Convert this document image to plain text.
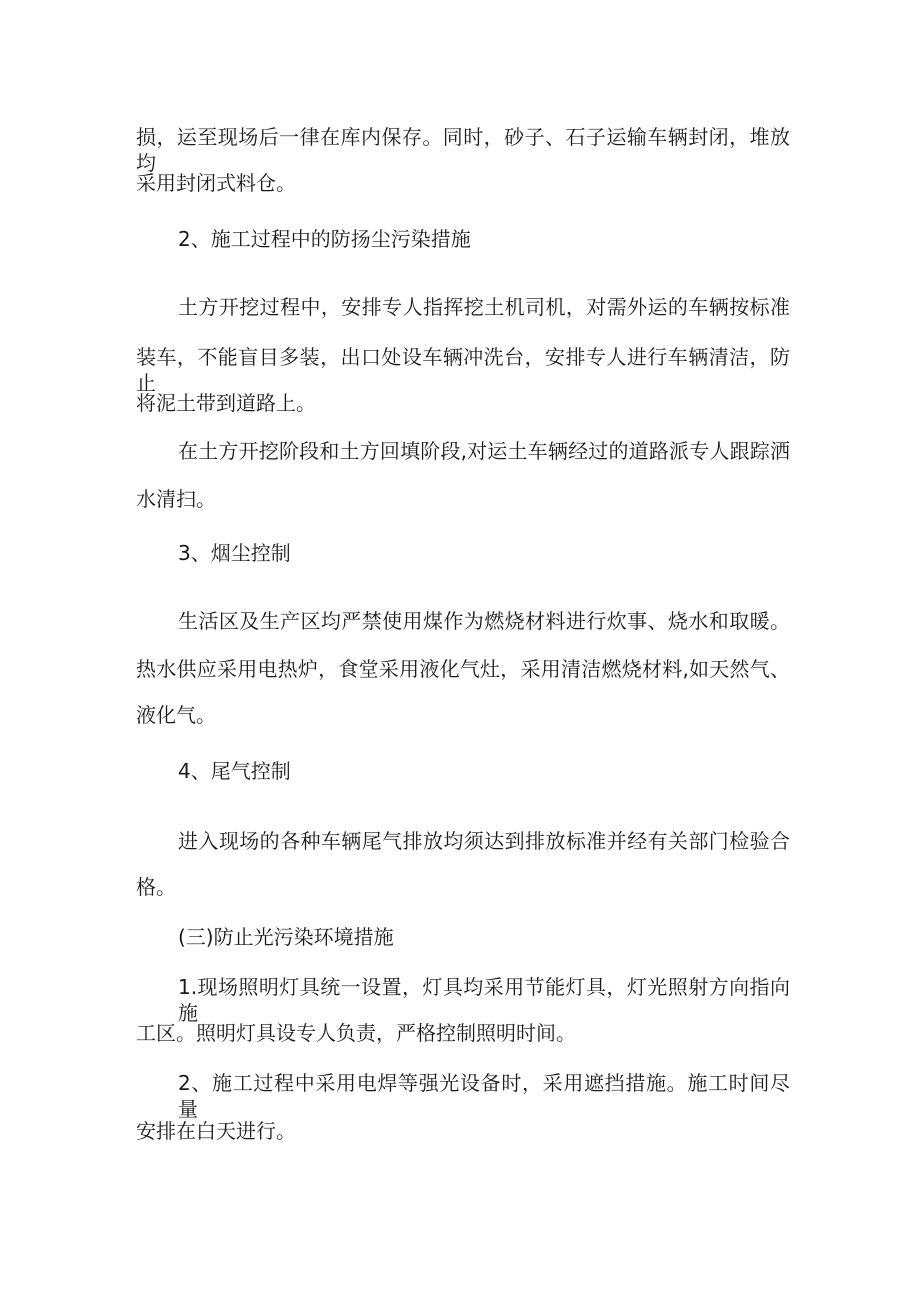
损，运至现场后一律在库内保存。同时，砂子、石子运输车辆封闭，堆放均
采用封闭式料仓。
2、施工过程中的防扬尘污染措施
土方开挖过程中，安排专人指挥挖土机司机，对需外运的车辆按标准
装车，不能盲目多装，出口处设车辆冲洗台，安排专人进行车辆清洁，防止
将泥土带到道路上。
在土方开挖阶段和土方回填阶段,对运土车辆经过的道路派专人跟踪洒
水清扫。
3、烟尘控制
生活区及生产区均严禁使用煤作为燃烧材料进行炊事、烧水和取暖。
热水供应采用电热炉，食堂采用液化气灶，采用清洁燃烧材料,如天然气、
液化气。
4、尾气控制
进入现场的各种车辆尾气排放均须达到排放标准并经有关部门检验合
格。
(三)防止光污染环境措施
1.现场照明灯具统一设置，灯具均采用节能灯具，灯光照射方向指向施
工区。照明灯具设专人负责，严格控制照明时间。
2、施工过程中采用电焊等强光设备时，采用遮挡措施。施工时间尽量
安排在白天进行。
